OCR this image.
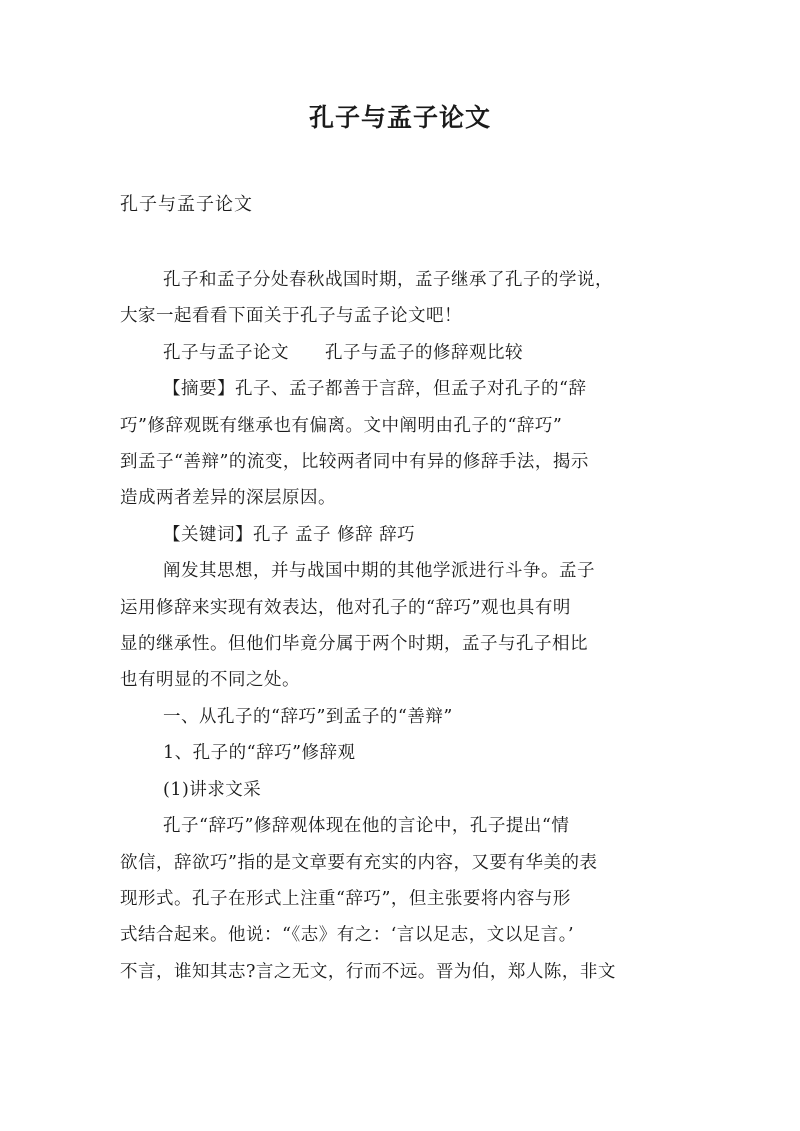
孔子与孟子论文
孔子与孟子论文

孔子和孟子分处春秋战国时期，孟子继承了孔子的学说，
大家一起看看下面关于孔子与孟子论文吧！

孔子与孟子论文 孔子与孟子的修辞观比较

【摘要】孔子、孟子都善于言辞，但孟子对孔子的“辞
巧”修辞观既有继承也有偏离。文中阐明由孔子的“辞巧”
到孟子“善辩”的流变，比较两者同中有异的修辞手法，揭示
造成两者差异的深层原因。

【关键词】孔子 孟子 修辞 辞巧

阐发其思想，并与战国中期的其他学派进行斗争。孟子
运用修辞来实现有效表达，他对孔子的“辞巧”观也具有明
显的继承性。但他们毕竟分属于两个时期，孟子与孔子相比
也有明显的不同之处。

一、从孔子的“辞巧”到孟子的“善辩”

1、孔子的“辞巧”修辞观

(1)讲求文采

孔子“辞巧”修辞观体现在他的言论中，孔子提出“情
欲信，辞欲巧”指的是文章要有充实的内容，又要有华美的表
现形式。孔子在形式上注重“辞巧”，但主张要将内容与形
式结合起来。他说：“《志》有之：‘言以足志，文以足言。’
不言，谁知其志?言之无文，行而不远。晋为伯，郑人陈，非文
